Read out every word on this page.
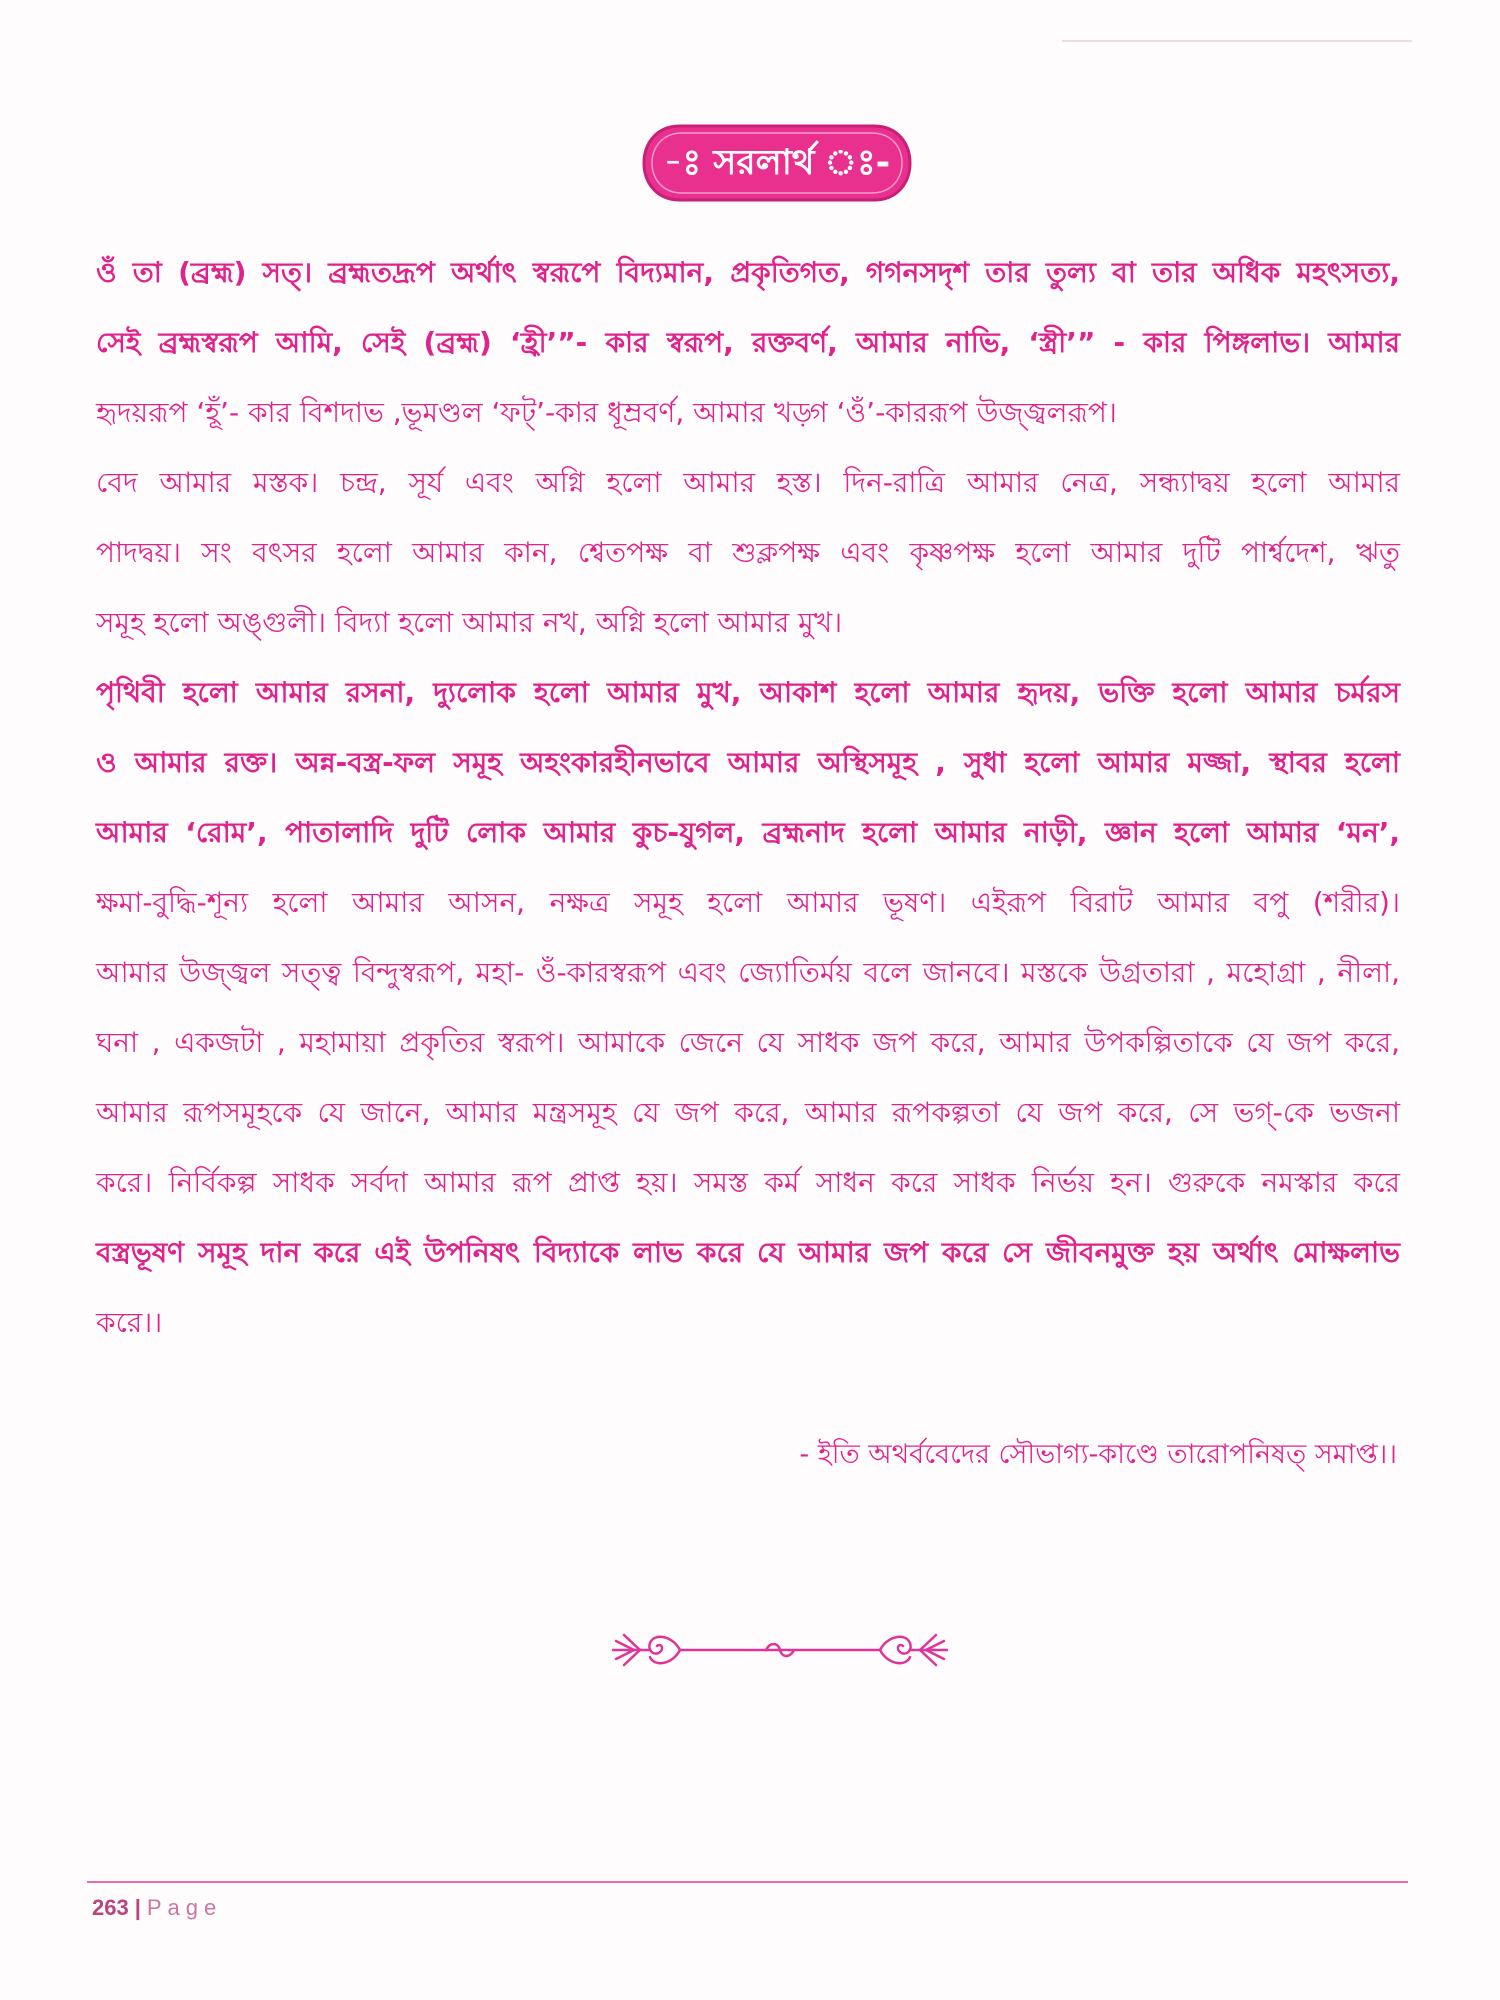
-ঃ সরলার্থ ঃ-
ওঁ তা (ব্রহ্ম) সত্। ব্রহ্মতদ্রূপ অর্থাৎ স্বরূপে বিদ্যমান, প্রকৃতিগত, গগনসদৃশ তার তুল্য বা তার অধিক মহৎসত্য,
সেই ব্রহ্মস্বরূপ আমি, সেই (ব্রহ্ম) ‘হ্রী’”- কার স্বরূপ, রক্তবর্ণ, আমার নাভি, ‘স্ত্রী’” - কার পিঙ্গলাভ। আমার
হৃদয়রূপ ‘হূঁ’- কার বিশদাভ ,ভূমণ্ডল ‘ফট্’-কার ধূম্রবর্ণ, আমার খড়্গ ‘ওঁ’-কাররূপ উজ্জ্বলরূপ।
বেদ আমার মস্তক। চন্দ্র, সূর্য এবং অগ্নি হলো আমার হস্ত। দিন-রাত্রি আমার নেত্র, সন্ধ্যাদ্বয় হলো আমার
পাদদ্বয়। সং বৎসর হলো আমার কান, শ্বেতপক্ষ বা শুক্লপক্ষ এবং কৃষ্ণপক্ষ হলো আমার দুটি পার্শ্বদেশ, ঋতু
সমূহ হলো অঙ্গুলী। বিদ্যা হলো আমার নখ, অগ্নি হলো আমার মুখ।
পৃথিবী হলো আমার রসনা, দ্যুলোক হলো আমার মুখ, আকাশ হলো আমার হৃদয়, ভক্তি হলো আমার চর্মরস
ও আমার রক্ত। অন্ন-বস্ত্র-ফল সমূহ অহংকারহীনভাবে আমার অস্থিসমূহ , সুধা হলো আমার মজ্জা, স্থাবর হলো
আমার ‘রোম’, পাতালাদি দুটি লোক আমার কুচ-যুগল, ব্রহ্মনাদ হলো আমার নাড়ী, জ্ঞান হলো আমার ‘মন’,
ক্ষমা-বুদ্ধি-শূন্য হলো আমার আসন, নক্ষত্র সমূহ হলো আমার ভূষণ। এইরূপ বিরাট আমার বপু (শরীর)।
আমার উজ্জ্বল সত্ত্ব বিন্দুস্বরূপ, মহা- ওঁ-কারস্বরূপ এবং জ্যোতির্ময় বলে জানবে। মস্তকে উগ্রতারা , মহোগ্রা , নীলা,
ঘনা , একজটা , মহামায়া প্রকৃতির স্বরূপ। আমাকে জেনে যে সাধক জপ করে, আমার উপকল্পিতাকে যে জপ করে,
আমার রূপসমূহকে যে জানে, আমার মন্ত্রসমূহ যে জপ করে, আমার রূপকল্পতা যে জপ করে, সে ভগ্-কে ভজনা
করে। নির্বিকল্প সাধক সর্বদা আমার রূপ প্রাপ্ত হয়। সমস্ত কর্ম সাধন করে সাধক নির্ভয় হন। গুরুকে নমস্কার করে
বস্ত্রভূষণ সমূহ দান করে এই উপনিষৎ বিদ্যাকে লাভ করে যে আমার জপ করে সে জীবনমুক্ত হয় অর্থাৎ মোক্ষলাভ
করে।।
- ইতি অথর্ববেদের সৌভাগ্য-কাণ্ডে তারোপনিষত্ সমাপ্ত।।
263 | Page
